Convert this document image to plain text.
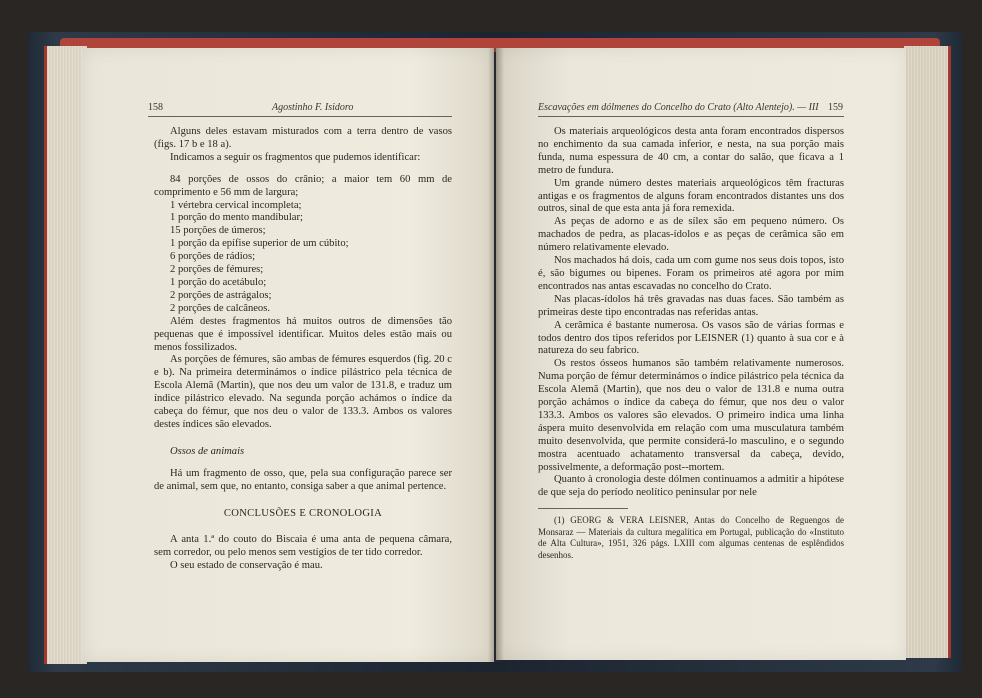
158	Agostinho F. Isidoro	Escavações em dólmenes do Concelho do Crato (Alto Alentejo). — III 159
Alguns deles estavam misturados com a terra dentro de vasos (figs. 17 b e 18 a).
Indicamos a seguir os fragmentos que pudemos identificar:
84 porções de ossos do crânio; a maior tem 60 mm de comprimento e 56 mm de largura;
1 vértebra cervical incompleta;
1 porção do mento mandibular;
15 porções de úmeros;
1 porção da epífise superior de um cúbito;
6 porções de rádios;
2 porções de fémures;
1 porção do acetábulo;
2 porções de astrágalos;
2 porções de calcâneos.
Além destes fragmentos há muitos outros de dimensões tão pequenas que é impossível identificar. Muitos deles estão mais ou menos fossilizados.
As porções de fémures, são ambas de fémures esquerdos (fig. 20 c e b). Na primeira determinámos o índice pilástrico pela técnica de Escola Alemã (Martin), que nos deu um valor de 131.8, e traduz um índice pilástrico elevado. Na segunda porção achámos o índice da cabeça do fémur, que nos deu o valor de 133.3. Ambos os valores destes índices são elevados.
Ossos de animais
Há um fragmento de osso, que, pela sua configuração parece ser de animal, sem que, no entanto, consiga saber a que animal pertence.
CONCLUSÕES E CRONOLOGIA
A anta 1.ª do couto do Biscaia é uma anta de pequena câmara, sem corredor, ou pelo menos sem vestígios de ter tido corredor.
O seu estado de conservação é mau.
Os materiais arqueológicos desta anta foram encontrados dispersos no enchimento da sua camada inferior, e nesta, na sua porção mais funda, numa espessura de 40 cm, a contar do salão, que ficava a 1 metro de fundura.
Um grande número destes materiais arqueológicos têm fracturas antigas e os fragmentos de alguns foram encontrados distantes uns dos outros, sinal de que esta anta já fora remexida.
As peças de adorno e as de sílex são em pequeno número. Os machados de pedra, as placas-ídolos e as peças de cerâmica são em número relativamente elevado.
Nos machados há dois, cada um com gume nos seus dois topos, isto é, são bigumes ou bipenes. Foram os primeiros até agora por mim encontrados nas antas escavadas no concelho do Crato.
Nas placas-ídolos há três gravadas nas duas faces. São também as primeiras deste tipo encontradas nas referidas antas.
A cerâmica é bastante numerosa. Os vasos são de várias formas e todos dentro dos tipos referidos por LEISNER (1) quanto à sua cor e à natureza do seu fabrico.
Os restos ósseos humanos são também relativamente numerosos. Numa porção de fémur determinámos o índice pilástrico pela técnica da Escola Alemã (Martin), que nos deu o valor de 131.8 e numa outra porção achámos o índice da cabeça do fémur, que nos deu o valor 133.3. Ambos os valores são elevados. O primeiro indica uma linha áspera muito desenvolvida em relação com uma musculatura também muito desenvolvida, que permite considerá-lo masculino, e o segundo mostra acentuado achatamento transversal da cabeça, devido, possivelmente, a deformação post--mortem.
Quanto à cronologia deste dólmen continuamos a admitir a hipótese de que seja do período neolítico peninsular por nele
(1) GEORG & VERA LEISNER, Antas do Concelho de Reguengos de Monsaraz — Materiais da cultura megalítica em Portugal, publicação do «Instituto de Alta Cultura», 1951, 326 págs. LXIII com algumas centenas de esplêndidos desenhos.
